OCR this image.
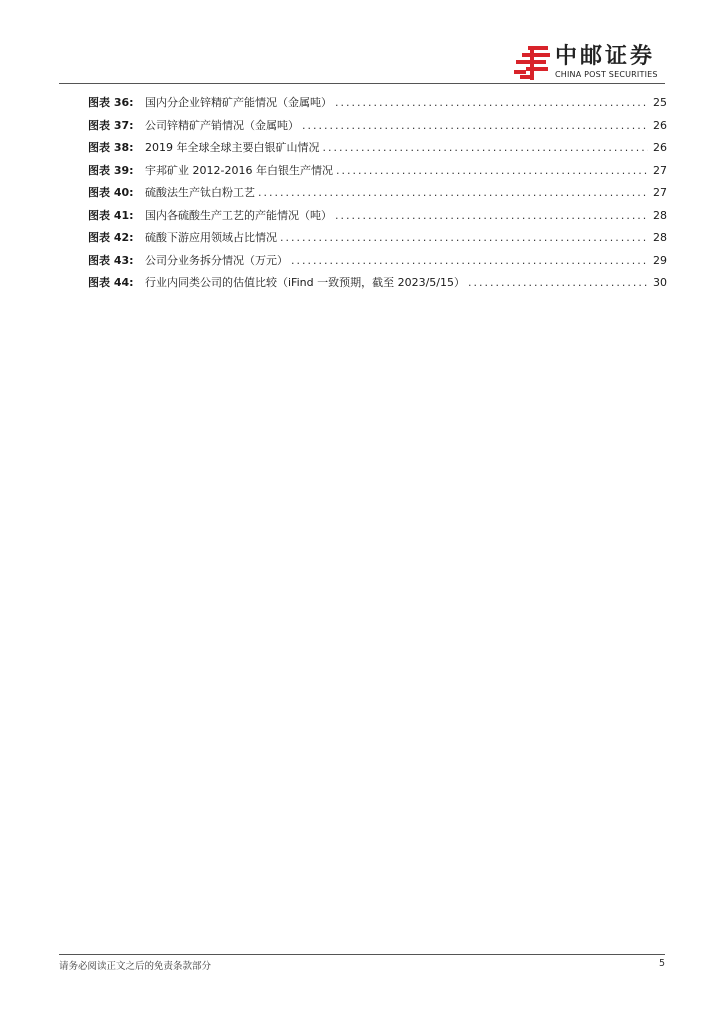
中邮证券
CHINA POST SECURITIES
图表 36:	国内分企业锌精矿产能情况（金属吨） .....	25
图表 37:	公司锌精矿产销情况（金属吨） .....	26
图表 38:	2019 年全球全球主要白银矿山情况 .....	26
图表 39:	宇邦矿业 2012-2016 年白银生产情况 .....	27
图表 40:	硫酸法生产钛白粉工艺 .....	27
图表 41:	国内各硫酸生产工艺的产能情况（吨） .....	28
图表 42:	硫酸下游应用领域占比情况 .....	28
图表 43:	公司分业务拆分情况（万元） .....	29
图表 44:	行业内同类公司的估值比较（iFind 一致预期，截至 2023/5/15） .....	30
请务必阅读正文之后的免责条款部分	5
